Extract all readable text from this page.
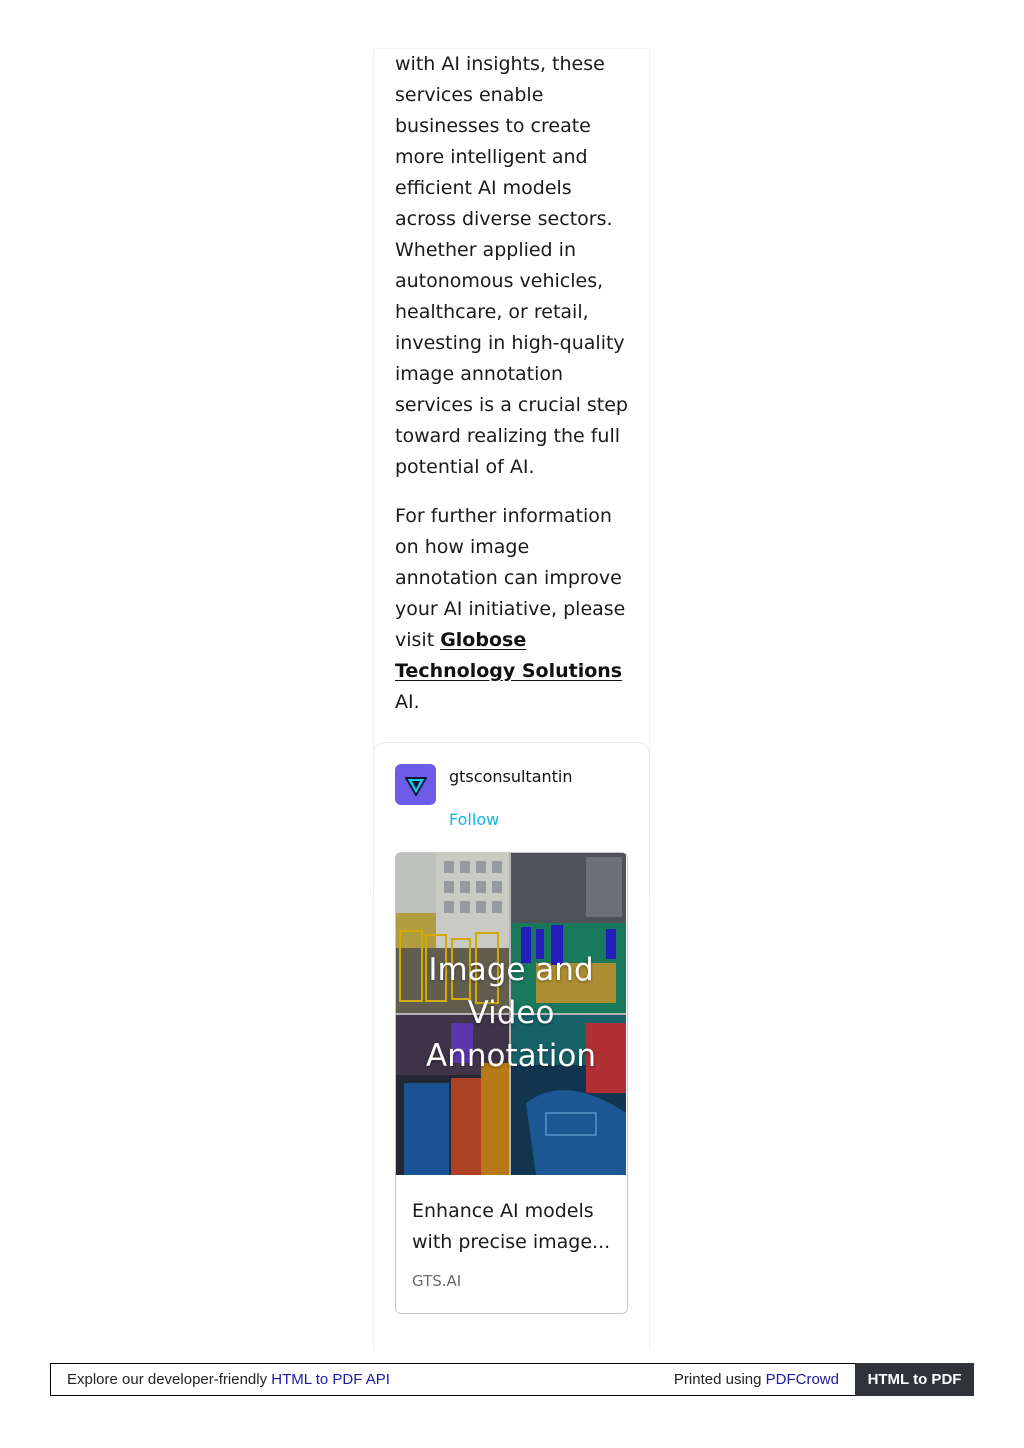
with AI insights, these services enable businesses to create more intelligent and efficient AI models across diverse sectors. Whether applied in autonomous vehicles, healthcare, or retail, investing in high-quality image annotation services is a crucial step toward realizing the full potential of AI.

For further information on how image annotation can improve your AI initiative, please visit Globose Technology Solutions AI.

gtsconsultantin
Follow
Image and Video Annotation
Enhance AI models with precise image...
GTS.AI
Explore our developer-friendly HTML to PDF API	Printed using PDFCrowd	HTML to PDF
